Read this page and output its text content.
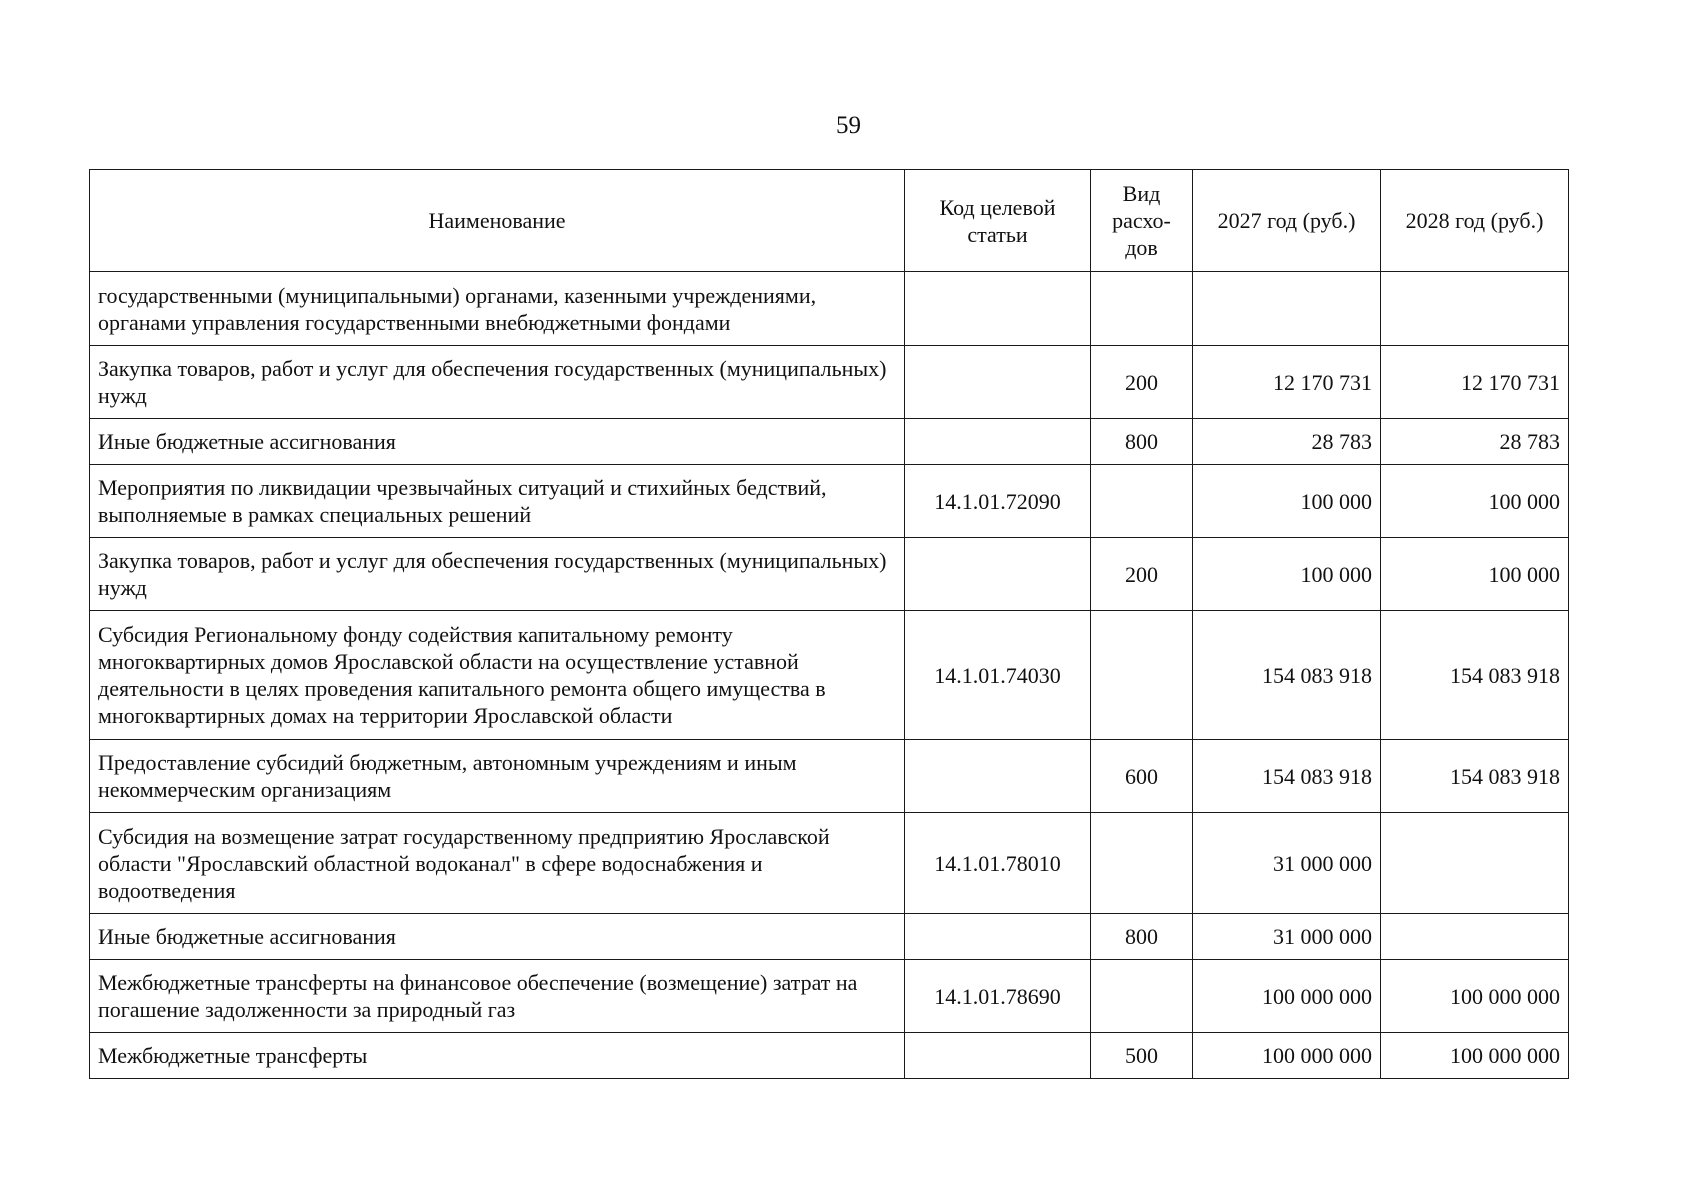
59
Наименование	Код целевой статьи	Вид расхо-дов	2027 год (руб.)	2028 год (руб.)
государственными (муниципальными) органами, казенными учреждениями, органами управления государственными внебюджетными фондами				
Закупка товаров, работ и услуг для обеспечения государственных (муниципальных) нужд		200	12 170 731	12 170 731
Иные бюджетные ассигнования		800	28 783	28 783
Мероприятия по ликвидации чрезвычайных ситуаций и стихийных бедствий, выполняемые в рамках специальных решений	14.1.01.72090		100 000	100 000
Закупка товаров, работ и услуг для обеспечения государственных (муниципальных) нужд		200	100 000	100 000
Субсидия Региональному фонду содействия капитальному ремонту многоквартирных домов Ярославской области на осуществление уставной деятельности в целях проведения капитального ремонта общего имущества в многоквартирных домах на территории Ярославской области	14.1.01.74030		154 083 918	154 083 918
Предоставление субсидий бюджетным, автономным учреждениям и иным некоммерческим организациям		600	154 083 918	154 083 918
Субсидия на возмещение затрат государственному предприятию Ярославской области "Ярославский областной водоканал" в сфере водоснабжения и водоотведения	14.1.01.78010		31 000 000	
Иные бюджетные ассигнования		800	31 000 000	
Межбюджетные трансферты на финансовое обеспечение (возмещение) затрат на погашение задолженности за природный газ	14.1.01.78690		100 000 000	100 000 000
Межбюджетные трансферты		500	100 000 000	100 000 000
